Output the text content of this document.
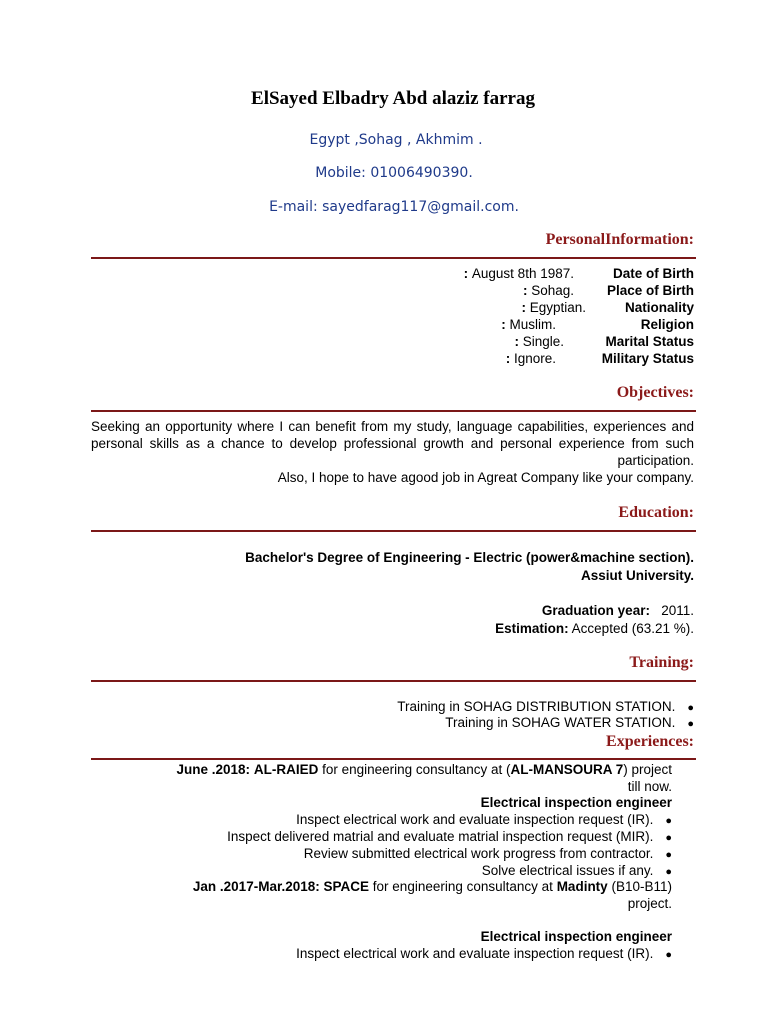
ElSayed Elbadry Abd alaziz farrag
Egypt ,Sohag , Akhmim .
Mobile: 01006490390.
E-mail: sayedfarag117@gmail.com.
PersonalInformation:
: August 8th 1987.	Date of Birth
: Sohag. Place of Birth
: Egyptian.	Nationality
: Muslim.	Religion
: Single.	Marital Status
: Ignore.	Military Status
Objectives:
Seeking an opportunity where I can benefit from my study, language capabilities, experiences and personal skills as a chance to develop professional growth and personal experience from such participation.
Also, I hope to have agood job in Agreat Company like your company.
Education:
Bachelor's Degree of Engineering - Electric (power&machine section).
Assiut University.
Graduation year: 2011.
Estimation: Accepted (63.21 %).
Training:
Training in SOHAG DISTRIBUTION STATION. ●
Training in SOHAG WATER STATION. ●
Experiences:
June .2018: AL-RAIED for engineering consultancy at (AL-MANSOURA 7) project
till now.
Electrical inspection engineer
Inspect electrical work and evaluate inspection request (IR). ●
Inspect delivered matrial and evaluate matrial inspection request (MIR). ●
Review submitted electrical work progress from contractor. ●
Solve electrical issues if any. ●
Jan .2017-Mar.2018: SPACE for engineering consultancy at Madinty (B10-B11)
project.
Electrical inspection engineer
Inspect electrical work and evaluate inspection request (IR). ●
